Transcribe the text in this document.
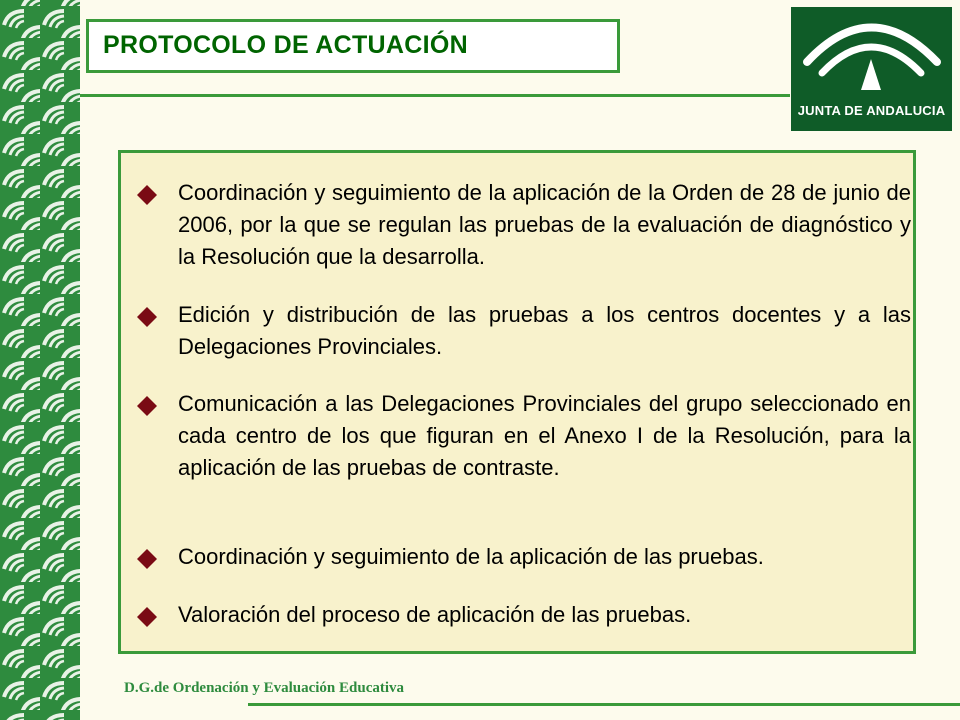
PROTOCOLO DE ACTUACIÓN
JUNTA DE ANDALUCIA

Coordinación y seguimiento de la aplicación de la Orden de 28 de junio de 2006, por la que se regulan las pruebas de la evaluación de diagnóstico y la Resolución que la desarrolla.

Edición y distribución de las pruebas a los centros docentes y a las Delegaciones Provinciales.

Comunicación a las Delegaciones Provinciales del grupo seleccionado en cada centro de los que figuran en el Anexo I de la Resolución, para la aplicación de las pruebas de contraste.

Coordinación y seguimiento de la aplicación de las pruebas.

Valoración del proceso de aplicación de las pruebas.

D.G.de Ordenación y Evaluación Educativa
